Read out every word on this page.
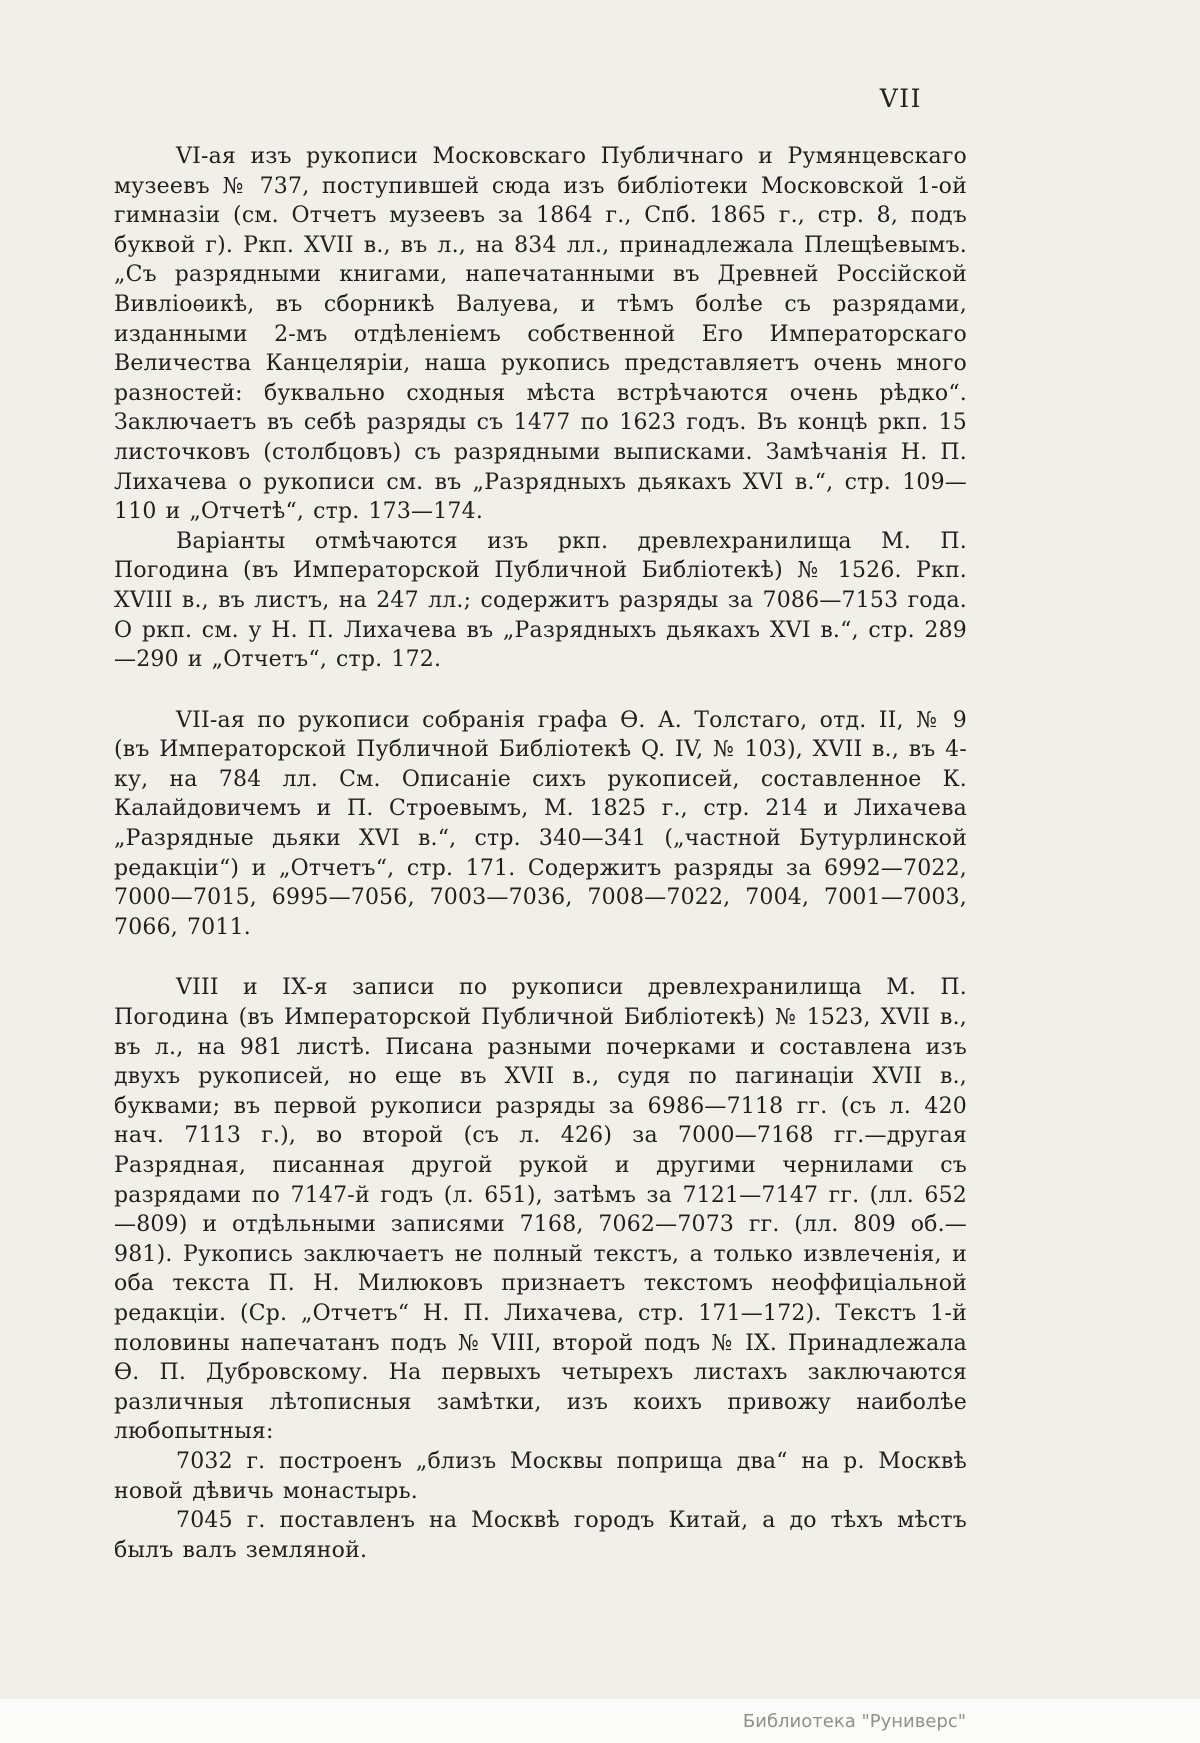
VII

VI-ая изъ рукописи Московскаго Публичнаго и Румянцевскаго музеевъ № 737, поступившей сюда изъ библіотеки Московской 1-ой гимназіи (см. Отчетъ музеевъ за 1864 г., Спб. 1865 г., стр. 8, подъ буквой г). Ркп. XVII в., въ л., на 834 лл., принадлежала Плещѣевымъ. „Съ разрядными книгами, напечатанными въ Древней Россійской Вивліоѳикѣ, въ сборникѣ Валуева, и тѣмъ болѣе съ разрядами, изданными 2-мъ отдѣленіемъ собственной Его Императорскаго Величества Канцеляріи, наша рукопись представляетъ очень много разностей: буквально сходныя мѣста встрѣчаются очень рѣдко“. Заключаетъ въ себѣ разряды съ 1477 по 1623 годъ. Въ концѣ ркп. 15 листочковъ (столбцовъ) съ разрядными выписками. Замѣчанія Н. П. Лихачева о рукописи см. въ „Разрядныхъ дьякахъ XVI в.“, стр. 109—110 и „Отчетѣ“, стр. 173—174.

Варіанты отмѣчаются изъ ркп. древлехранилища М. П. Погодина (въ Императорской Публичной Библіотекѣ) № 1526. Ркп. XVIII в., въ листъ, на 247 лл.; содержитъ разряды за 7086—7153 года. О ркп. см. у Н. П. Лихачева въ „Разрядныхъ дьякахъ XVI в.“, стр. 289—290 и „Отчетъ“, стр. 172.

VII-ая по рукописи собранія графа Ѳ. А. Толстаго, отд. II, № 9 (въ Императорской Публичной Библіотекѣ Q. IV, № 103), XVII в., въ 4-ку, на 784 лл. См. Описаніе сихъ рукописей, составленное К. Калайдовичемъ и П. Строевымъ, М. 1825 г., стр. 214 и Лихачева „Разрядные дьяки XVI в.“, стр. 340—341 („частной Бутурлинской редакціи“) и „Отчетъ“, стр. 171. Содержитъ разряды за 6992—7022, 7000—7015, 6995—7056, 7003—7036, 7008—7022, 7004, 7001—7003, 7066, 7011.

VIII и IX-я записи по рукописи древлехранилища М. П. Погодина (въ Императорской Публичной Библіотекѣ) № 1523, XVII в., въ л., на 981 листѣ. Писана разными почерками и составлена изъ двухъ рукописей, но еще въ XVII в., судя по пагинаціи XVII в., буквами; въ первой рукописи разряды за 6986—7118 гг. (съ л. 420 нач. 7113 г.), во второй (съ л. 426) за 7000—7168 гг.—другая Разрядная, писанная другой рукой и другими чернилами съ разрядами по 7147-й годъ (л. 651), затѣмъ за 7121—7147 гг. (лл. 652—809) и отдѣльными записями 7168, 7062—7073 гг. (лл. 809 об.—981). Рукопись заключаетъ не полный текстъ, а только извлеченія, и оба текста П. Н. Милюковъ признаетъ текстомъ неоффиціальной редакціи. (Ср. „Отчетъ“ Н. П. Лихачева, стр. 171—172). Текстъ 1-й половины напечатанъ подъ № VIII, второй подъ № IX. Принадлежала Ѳ. П. Дубровскому. На первыхъ четырехъ листахъ заключаются различныя лѣтописныя замѣтки, изъ коихъ привожу наиболѣе любопытныя:

7032 г. построенъ „близъ Москвы поприща два“ на р. Москвѣ новой дѣвичь монастырь.

7045 г. поставленъ на Москвѣ городъ Китай, а до тѣхъ мѣстъ былъ валъ земляной.

Библиотека "Руниверс"
